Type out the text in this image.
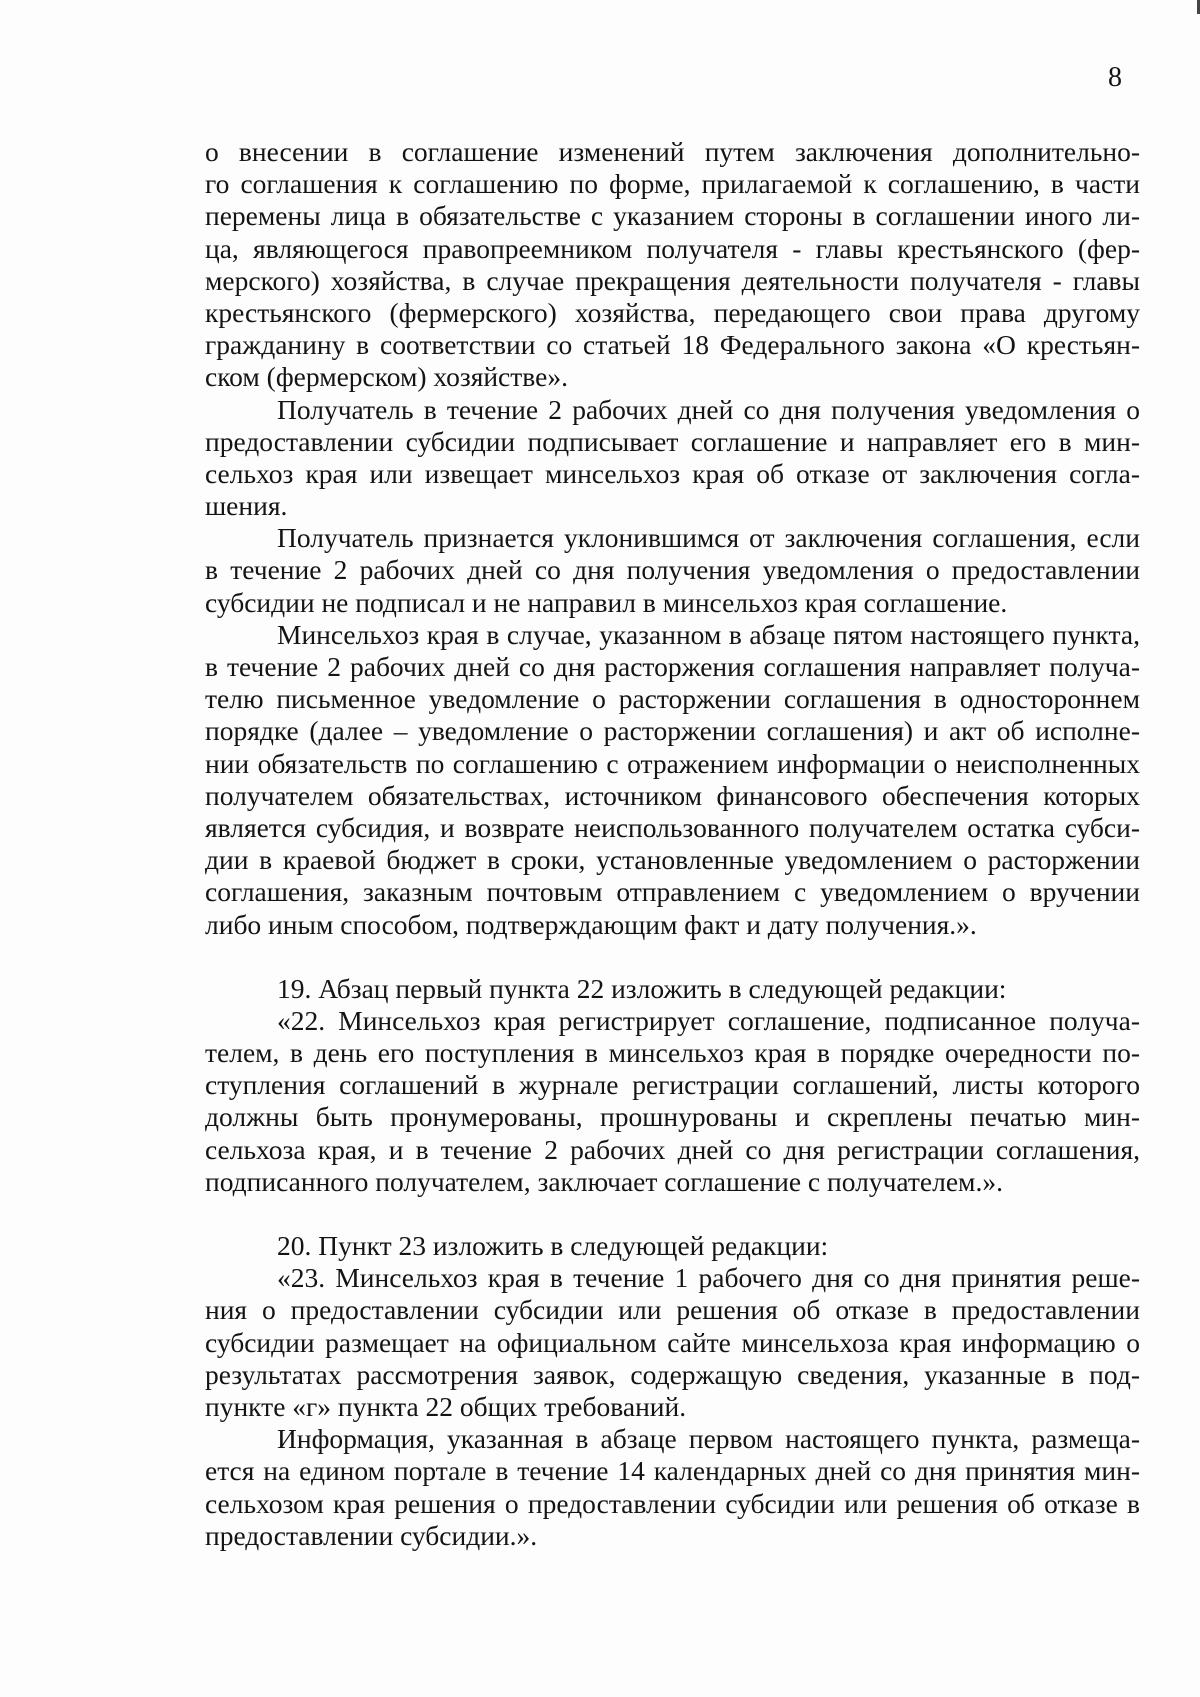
8
о внесении в соглашение изменений путем заключения дополнительно-
го соглашения к соглашению по форме, прилагаемой к соглашению, в части
перемены лица в обязательстве с указанием стороны в соглашении иного ли-
ца, являющегося правопреемником получателя - главы крестьянского (фер-
мерского) хозяйства, в случае прекращения деятельности получателя - главы
крестьянского (фермерского) хозяйства, передающего свои права другому
гражданину в соответствии со статьей 18 Федерального закона «О крестьян-
ском (фермерском) хозяйстве».
Получатель в течение 2 рабочих дней со дня получения уведомления о
предоставлении субсидии подписывает соглашение и направляет его в мин-
сельхоз края или извещает минсельхоз края об отказе от заключения согла-
шения.
Получатель признается уклонившимся от заключения соглашения, если
в течение 2 рабочих дней со дня получения уведомления о предоставлении
субсидии не подписал и не направил в минсельхоз края соглашение.
Минсельхоз края в случае, указанном в абзаце пятом настоящего пункта,
в течение 2 рабочих дней со дня расторжения соглашения направляет получа-
телю письменное уведомление о расторжении соглашения в одностороннем
порядке (далее – уведомление о расторжении соглашения) и акт об исполне-
нии обязательств по соглашению с отражением информации о неисполненных
получателем обязательствах, источником финансового обеспечения которых
является субсидия, и возврате неиспользованного получателем остатка субси-
дии в краевой бюджет в сроки, установленные уведомлением о расторжении
соглашения, заказным почтовым отправлением с уведомлением о вручении
либо иным способом, подтверждающим факт и дату получения.».
19. Абзац первый пункта 22 изложить в следующей редакции:
«22. Минсельхоз края регистрирует соглашение, подписанное получа-
телем, в день его поступления в минсельхоз края в порядке очередности по-
ступления соглашений в журнале регистрации соглашений, листы которого
должны быть пронумерованы, прошнурованы и скреплены печатью мин-
сельхоза края, и в течение 2 рабочих дней со дня регистрации соглашения,
подписанного получателем, заключает соглашение с получателем.».
20. Пункт 23 изложить в следующей редакции:
«23. Минсельхоз края в течение 1 рабочего дня со дня принятия реше-
ния о предоставлении субсидии или решения об отказе в предоставлении
субсидии размещает на официальном сайте минсельхоза края информацию о
результатах рассмотрения заявок, содержащую сведения, указанные в под-
пункте «г» пункта 22 общих требований.
Информация, указанная в абзаце первом настоящего пункта, размеща-
ется на едином портале в течение 14 календарных дней со дня принятия мин-
сельхозом края решения о предоставлении субсидии или решения об отказе в
предоставлении субсидии.».
